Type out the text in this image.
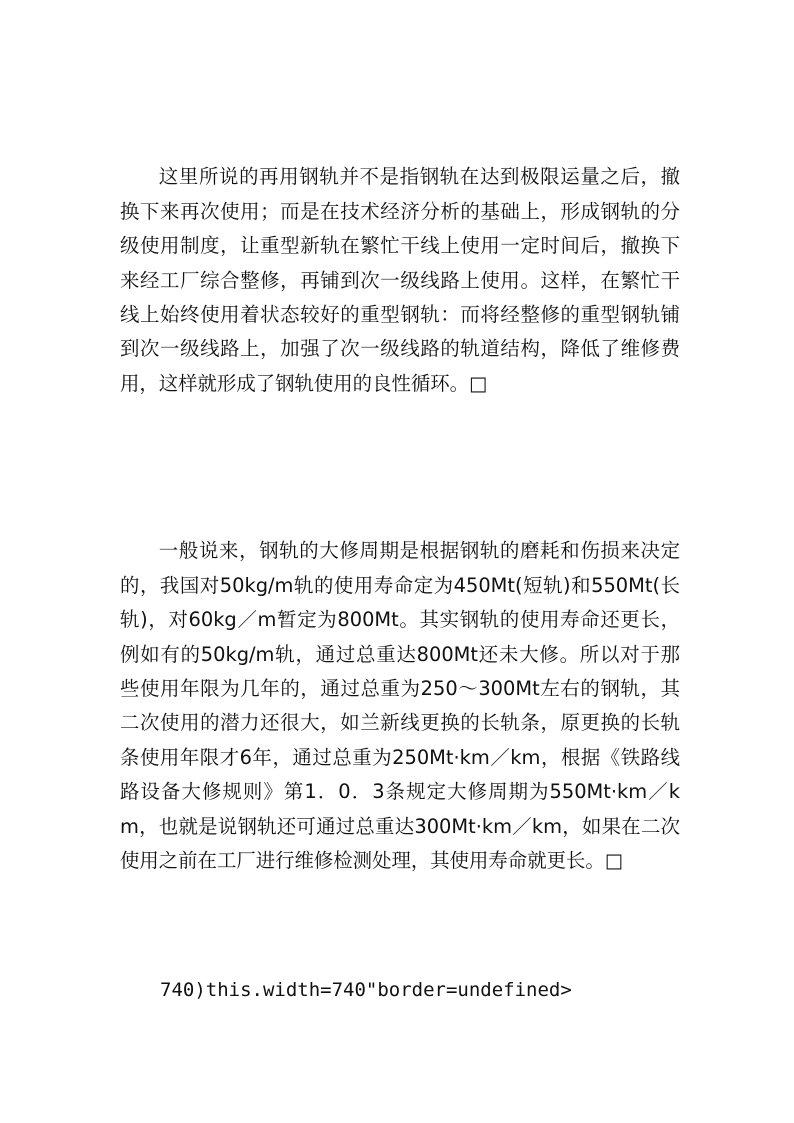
这里所说的再用钢轨并不是指钢轨在达到极限运量之后，撤换下来再次使用；而是在技术经济分析的基础上，形成钢轨的分级使用制度，让重型新轨在繁忙干线上使用一定时间后，撤换下来经工厂综合整修，再铺到次一级线路上使用。这样，在繁忙干线上始终使用着状态较好的重型钢轨：而将经整修的重型钢轨铺到次一级线路上，加强了次一级线路的轨道结构，降低了维修费用，这样就形成了钢轨使用的良性循环。□

一般说来，钢轨的大修周期是根据钢轨的磨耗和伤损来决定的，我国对50kg/m轨的使用寿命定为450Mt(短轨)和550Mt(长轨)，对60kg／m暂定为800Mt。其实钢轨的使用寿命还更长，例如有的50kg/m轨，通过总重达800Mt还未大修。所以对于那些使用年限为几年的，通过总重为250～300Mt左右的钢轨，其二次使用的潜力还很大，如兰新线更换的长轨条，原更换的长轨条使用年限才6年，通过总重为250Mt·km／km，根据《铁路线路设备大修规则》第1．0．3条规定大修周期为550Mt·km／km，也就是说钢轨还可通过总重达300Mt·km／km，如果在二次使用之前在工厂进行维修检测处理，其使用寿命就更长。□

740)this.width=740"border=undefined>
